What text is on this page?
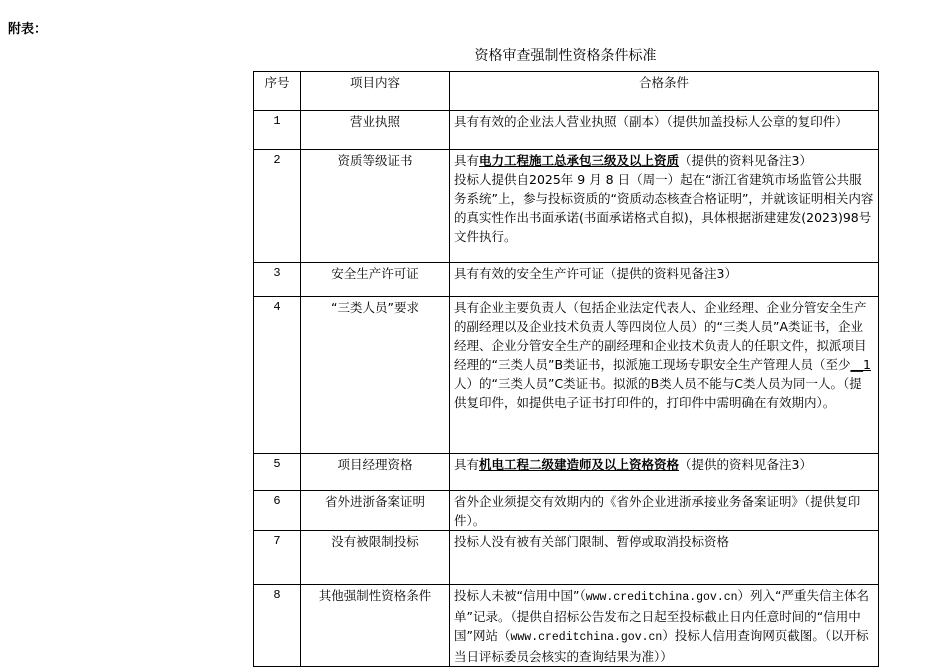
附表：
资格审查强制性资格条件标准
序号	项目内容	合格条件
1	营业执照	具有有效的企业法人营业执照（副本）（提供加盖投标人公章的复印件）
2	资质等级证书	具有电力工程施工总承包三级及以上资质（提供的资料见备注3）
投标人提供自2025年 9 月 8 日（周一）起在“浙江省建筑市场监管公共服务系统”上，参与投标资质的“资质动态核查合格证明”，并就该证明相关内容的真实性作出书面承诺(书面承诺格式自拟)，具体根据浙建建发(2023)98号文件执行。
3	安全生产许可证	具有有效的安全生产许可证（提供的资料见备注3）
4	“三类人员”要求	具有企业主要负责人（包括企业法定代表人、企业经理、企业分管安全生产的副经理以及企业技术负责人等四岗位人员）的“三类人员”A类证书，企业经理、企业分管安全生产的副经理和企业技术负责人的任职文件，拟派项目经理的“三类人员”B类证书，拟派施工现场专职安全生产管理人员（至少__1人）的“三类人员”C类证书。拟派的B类人员不能与C类人员为同一人。（提供复印件，如提供电子证书打印件的，打印件中需明确在有效期内）。
5	项目经理资格	具有机电工程二级建造师及以上资格资格（提供的资料见备注3）
6	省外进浙备案证明	省外企业须提交有效期内的《省外企业进浙承接业务备案证明》（提供复印件）。
7	没有被限制投标	投标人没有被有关部门限制、暂停或取消投标资格
8	其他强制性资格条件	投标人未被“信用中国”（www.creditchina.gov.cn）列入“严重失信主体名单”记录。（提供自招标公告发布之日起至投标截止日内任意时间的“信用中国”网站（www.creditchina.gov.cn）投标人信用查询网页截图。（以开标当日评标委员会核实的查询结果为准））
